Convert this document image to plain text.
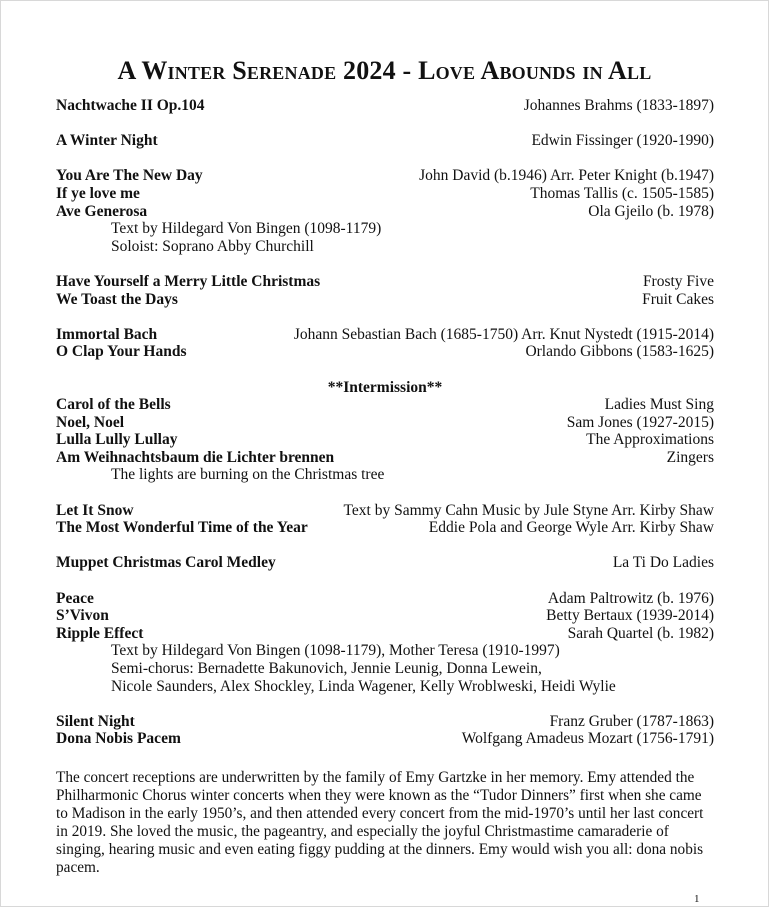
A Winter Serenade 2024 - Love Abounds in All
Nachtwache II Op.104	Johannes Brahms (1833-1897)
A Winter Night	Edwin Fissinger (1920-1990)
You Are The New Day	John David (b.1946) Arr. Peter Knight (b.1947)
If ye love me	Thomas Tallis (c. 1505-1585)
Ave Generosa	Ola Gjeilo (b. 1978)
Text by Hildegard Von Bingen (1098-1179)
Soloist: Soprano Abby Churchill
Have Yourself a Merry Little Christmas	Frosty Five
We Toast the Days	Fruit Cakes
Immortal Bach	Johann Sebastian Bach (1685-1750) Arr. Knut Nystedt (1915-2014)
O Clap Your Hands	Orlando Gibbons (1583-1625)
**Intermission**
Carol of the Bells	Ladies Must Sing
Noel, Noel	Sam Jones (1927-2015)
Lulla Lully Lullay	The Approximations
Am Weihnachtsbaum die Lichter brennen	Zingers
The lights are burning on the Christmas tree
Let It Snow	Text by Sammy Cahn Music by Jule Styne Arr. Kirby Shaw
The Most Wonderful Time of the Year	Eddie Pola and George Wyle Arr. Kirby Shaw
Muppet Christmas Carol Medley	La Ti Do Ladies
Peace	Adam Paltrowitz (b. 1976)
S’Vivon	Betty Bertaux (1939-2014)
Ripple Effect	Sarah Quartel (b. 1982)
Text by Hildegard Von Bingen (1098-1179), Mother Teresa (1910-1997)
Semi-chorus: Bernadette Bakunovich, Jennie Leunig, Donna Lewein,
Nicole Saunders, Alex Shockley, Linda Wagener, Kelly Wroblweski, Heidi Wylie
Silent Night	Franz Gruber (1787-1863)
Dona Nobis Pacem	Wolfgang Amadeus Mozart (1756-1791)
The concert receptions are underwritten by the family of Emy Gartzke in her memory. Emy attended the Philharmonic Chorus winter concerts when they were known as the “Tudor Dinners” first when she came to Madison in the early 1950’s, and then attended every concert from the mid-1970’s until her last concert in 2019. She loved the music, the pageantry, and especially the joyful Christmastime camaraderie of singing, hearing music and even eating figgy pudding at the dinners. Emy would wish you all: dona nobis pacem.
1
